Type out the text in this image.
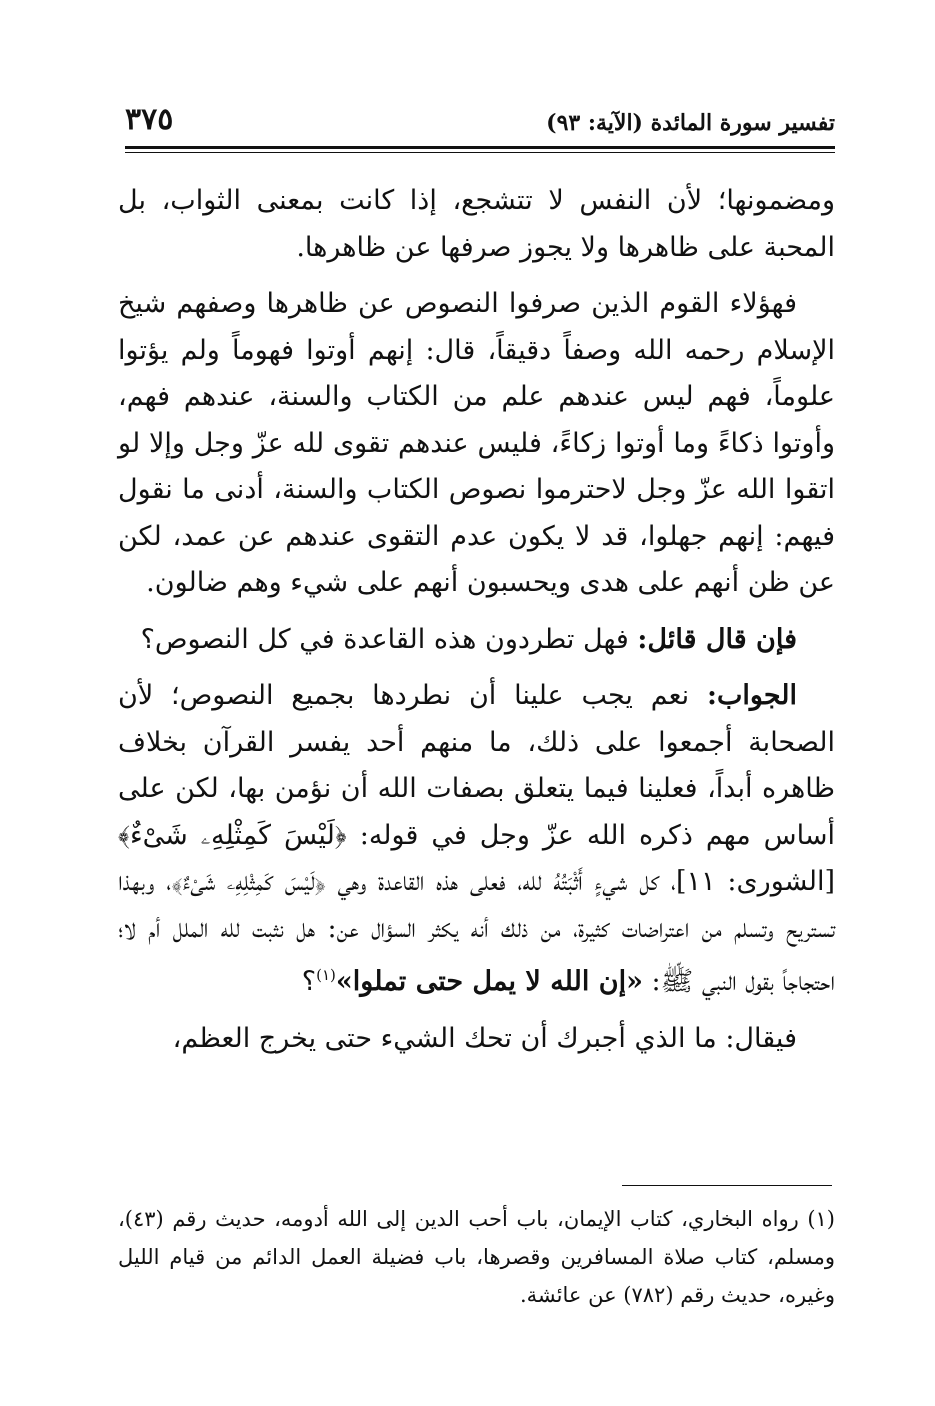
تفسير سورة المائدة (الآية: ٩٣)
٣٧٥

ومضمونها؛ لأن النفس لا تتشجع، إذا كانت بمعنى الثواب، بل المحبة على ظاهرها ولا يجوز صرفها عن ظاهرها.

فهؤلاء القوم الذين صرفوا النصوص عن ظاهرها وصفهم شيخ الإسلام رحمه الله وصفاً دقيقاً، قال: إنهم أوتوا فهوماً ولم يؤتوا علوماً، فهم ليس عندهم علم من الكتاب والسنة، عندهم فهم، وأوتوا ذكاءً وما أوتوا زكاءً، فليس عندهم تقوى لله عزّ وجل وإلا لو اتقوا الله عزّ وجل لاحترموا نصوص الكتاب والسنة، أدنى ما نقول فيهم: إنهم جهلوا، قد لا يكون عدم التقوى عندهم عن عمد، لكن عن ظن أنهم على هدى ويحسبون أنهم على شيء وهم ضالون.

فإن قال قائل: فهل تطردون هذه القاعدة في كل النصوص؟

الجواب: نعم يجب علينا أن نطردها بجميع النصوص؛ لأن الصحابة أجمعوا على ذلك، ما منهم أحد يفسر القرآن بخلاف ظاهره أبداً، فعلينا فيما يتعلق بصفات الله أن نؤمن بها، لكن على أساس مهم ذكره الله عزّ وجل في قوله: ﴿لَيْسَ كَمِثْلِهِۦ شَىْءٌ﴾ [الشورى: ١١]، كل شيءٍ أَثْبَتُهُ لله، فعلى هذه القاعدة وهي ﴿لَيْسَ كَمِثْلِهِۦ شَىْءٌ﴾، وبهذا تستريح وتسلم من اعتراضات كثيرة، من ذلك أنه يكثر السؤال عن: هل نثبت لله الملل أم لا؛ احتجاجاً بقول النبي ﷺ: «إن الله لا يمل حتى تملوا»$^{(١)}$؟

فيقال: ما الذي أجبرك أن تحك الشيء حتى يخرج العظم،

(١) رواه البخاري، كتاب الإيمان، باب أحب الدين إلى الله أدومه، حديث رقم (٤٣)، ومسلم، كتاب صلاة المسافرين وقصرها، باب فضيلة العمل الدائم من قيام الليل وغيره، حديث رقم (٧٨٢) عن عائشة.
